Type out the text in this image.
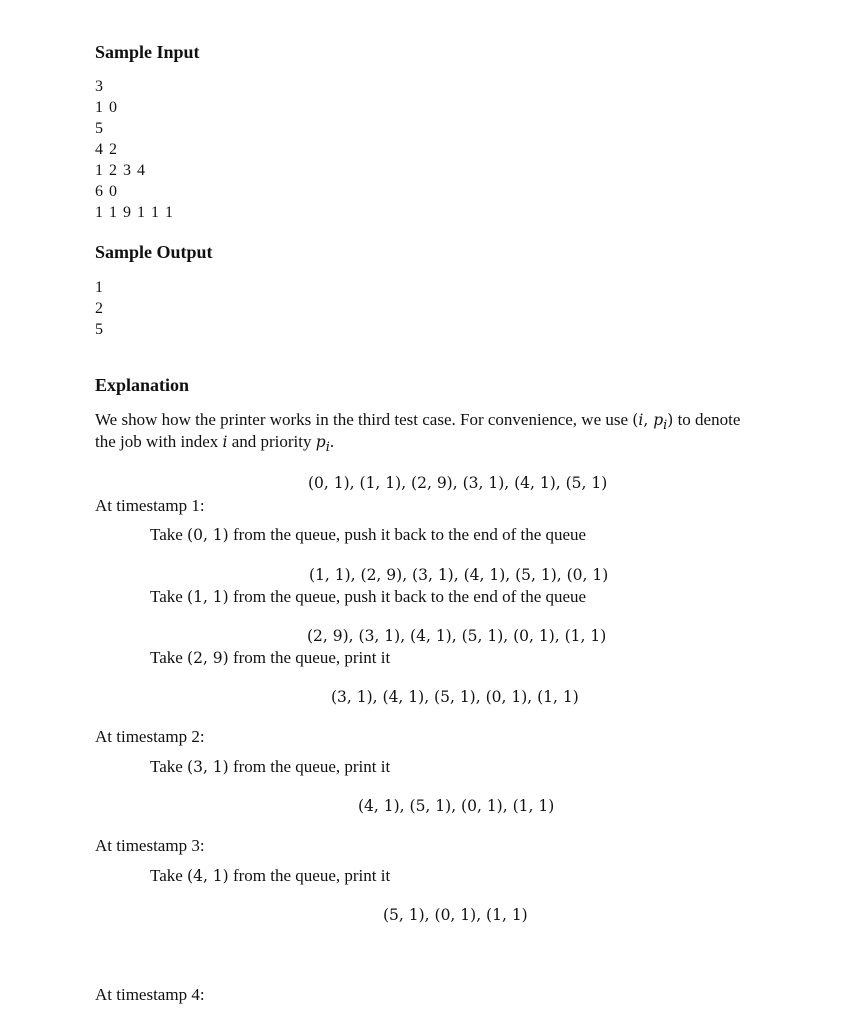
Sample Input
3
1 0
5
4 2
1 2 3 4
6 0
1 1 9 1 1 1
Sample Output
1
2
5
Explanation
We show how the printer works in the third test case. For convenience, we use (i, $p_i$) to denote
the job with index i and priority $p_i$.
(0, 1), (1, 1), (2, 9), (3, 1), (4, 1), (5, 1)
At timestamp 1:
Take (0, 1) from the queue, push it back to the end of the queue
(1, 1), (2, 9), (3, 1), (4, 1), (5, 1), (0, 1)
Take (1, 1) from the queue, push it back to the end of the queue
(2, 9), (3, 1), (4, 1), (5, 1), (0, 1), (1, 1)
Take (2, 9) from the queue, print it
(3, 1), (4, 1), (5, 1), (0, 1), (1, 1)
At timestamp 2:
Take (3, 1) from the queue, print it
(4, 1), (5, 1), (0, 1), (1, 1)
At timestamp 3:
Take (4, 1) from the queue, print it
(5, 1), (0, 1), (1, 1)
At timestamp 4:
